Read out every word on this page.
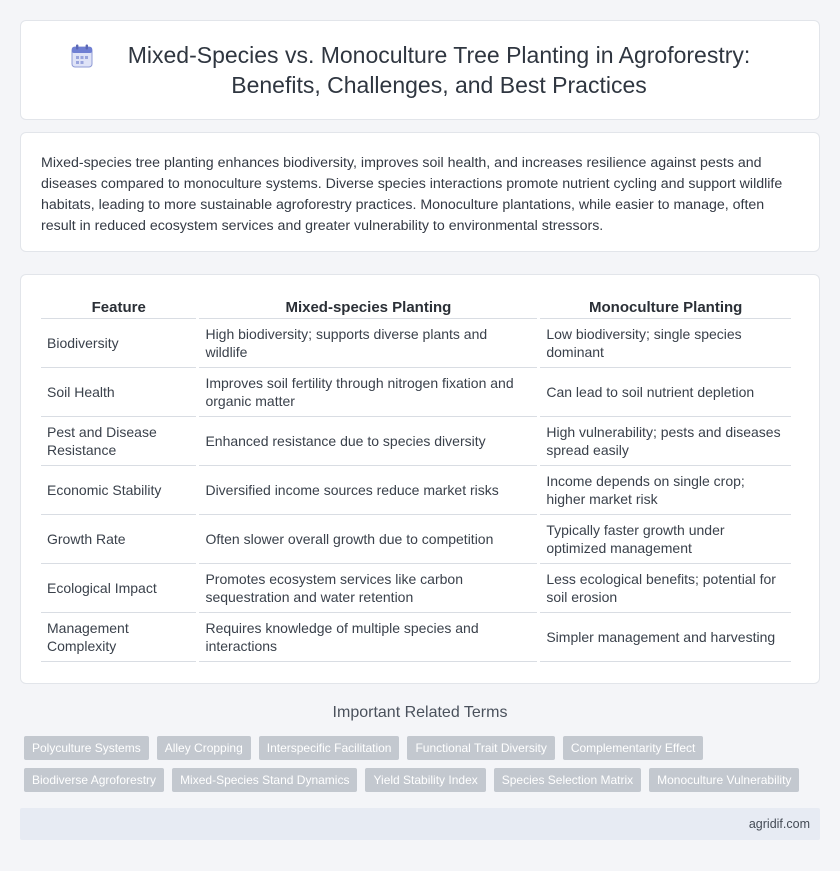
Mixed-Species vs. Monoculture Tree Planting in Agroforestry: Benefits, Challenges, and Best Practices

Mixed-species tree planting enhances biodiversity, improves soil health, and increases resilience against pests and diseases compared to monoculture systems. Diverse species interactions promote nutrient cycling and support wildlife habitats, leading to more sustainable agroforestry practices. Monoculture plantations, while easier to manage, often result in reduced ecosystem services and greater vulnerability to environmental stressors.

Feature	Mixed-species Planting	Monoculture Planting
Biodiversity	High biodiversity; supports diverse plants and wildlife	Low biodiversity; single species dominant
Soil Health	Improves soil fertility through nitrogen fixation and organic matter	Can lead to soil nutrient depletion
Pest and Disease Resistance	Enhanced resistance due to species diversity	High vulnerability; pests and diseases spread easily
Economic Stability	Diversified income sources reduce market risks	Income depends on single crop; higher market risk
Growth Rate	Often slower overall growth due to competition	Typically faster growth under optimized management
Ecological Impact	Promotes ecosystem services like carbon sequestration and water retention	Less ecological benefits; potential for soil erosion
Management Complexity	Requires knowledge of multiple species and interactions	Simpler management and harvesting
Important Related Terms
Polyculture Systems	Alley Cropping	Interspecific Facilitation	Functional Trait Diversity	Complementarity Effect
Biodiverse Agroforestry	Mixed-Species Stand Dynamics	Yield Stability Index	Species Selection Matrix	Monoculture Vulnerability
agridif.com
